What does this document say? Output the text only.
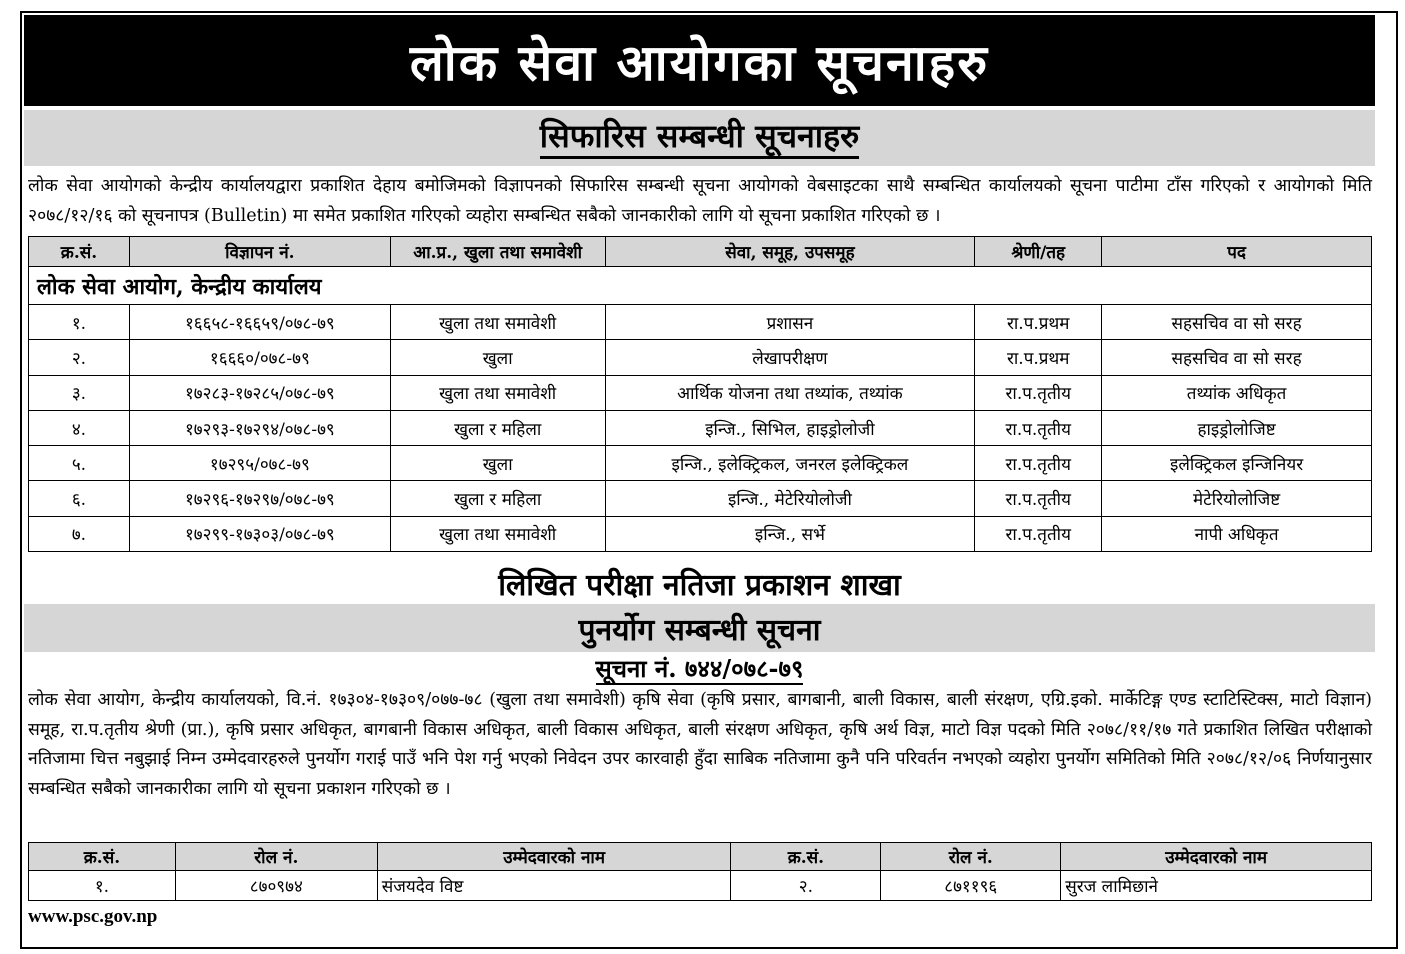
लोक सेवा आयोगका सूचनाहरु
सिफारिस सम्बन्धी सूचनाहरु

लोक सेवा आयोगको केन्द्रीय कार्यालयद्वारा प्रकाशित देहाय बमोजिमको विज्ञापनको सिफारिस सम्बन्धी सूचना आयोगको वेबसाइटका साथै सम्बन्धित कार्यालयको सूचना पाटीमा टाँस गरिएको र आयोगको मिति २०७८/१२/१६ को सूचनापत्र (Bulletin) मा समेत प्रकाशित गरिएको व्यहोरा सम्बन्धित सबैको जानकारीको लागि यो सूचना प्रकाशित गरिएको छ ।

क्र.सं.	विज्ञापन नं.	आ.प्र., खुला तथा समावेशी	सेवा, समूह, उपसमूह	श्रेणी/तह	पद
लोक सेवा आयोग, केन्द्रीय कार्यालय					
१.	१६६५८-१६६५९/०७८-७९	खुला तथा समावेशी	प्रशासन	रा.प.प्रथम	सहसचिव वा सो सरह
२.	१६६६०/०७८-७९	खुला	लेखापरीक्षण	रा.प.प्रथम	सहसचिव वा सो सरह
३.	१७२८३-१७२८५/०७८-७९	खुला तथा समावेशी	आर्थिक योजना तथा तथ्यांक, तथ्यांक	रा.प.तृतीय	तथ्यांक अधिकृत
४.	१७२९३-१७२९४/०७८-७९	खुला र महिला	इन्जि., सिभिल, हाइड्रोलोजी	रा.प.तृतीय	हाइड्रोलोजिष्ट
५.	१७२९५/०७८-७९	खुला	इन्जि., इलेक्ट्रिकल, जनरल इलेक्ट्रिकल	रा.प.तृतीय	इलेक्ट्रिकल इन्जिनियर
६.	१७२९६-१७२९७/०७८-७९	खुला र महिला	इन्जि., मेटेरियोलोजी	रा.प.तृतीय	मेटेरियोलोजिष्ट
७.	१७२९९-१७३०३/०७८-७९	खुला तथा समावेशी	इन्जि., सर्भे	रा.प.तृतीय	नापी अधिकृत
लिखित परीक्षा नतिजा प्रकाशन शाखा
पुनर्योग सम्बन्धी सूचना
सूचना नं. ७४४/०७८-७९

लोक सेवा आयोग, केन्द्रीय कार्यालयको, वि.नं. १७३०४-१७३०९/०७७-७८ (खुला तथा समावेशी) कृषि सेवा (कृषि प्रसार, बागबानी, बाली विकास, बाली संरक्षण, एग्रि.इको. मार्केटिङ्ग एण्ड स्टाटिस्टिक्स, माटो विज्ञान) समूह, रा.प.तृतीय श्रेणी (प्रा.), कृषि प्रसार अधिकृत, बागबानी विकास अधिकृत, बाली विकास अधिकृत, बाली संरक्षण अधिकृत, कृषि अर्थ विज्ञ, माटो विज्ञ पदको मिति २०७८/११/१७ गते प्रकाशित लिखित परीक्षाको नतिजामा चित्त नबुझाई निम्न उम्मेदवारहरुले पुनर्योग गराई पाउँ भनि पेश गर्नु भएको निवेदन उपर कारवाही हुँदा साबिक नतिजामा कुनै पनि परिवर्तन नभएको व्यहोरा पुनर्योग समितिको मिति २०७८/१२/०६ निर्णयानुसार सम्बन्धित सबैको जानकारीका लागि यो सूचना प्रकाशन गरिएको छ ।

क्र.सं.	रोल नं.	उम्मेदवारको नाम	क्र.सं.	रोल नं.	उम्मेदवारको नाम
१.	८७०९७४	संजयदेव विष्ट	२.	८७११९६	सुरज लामिछाने
www.psc.gov.np
